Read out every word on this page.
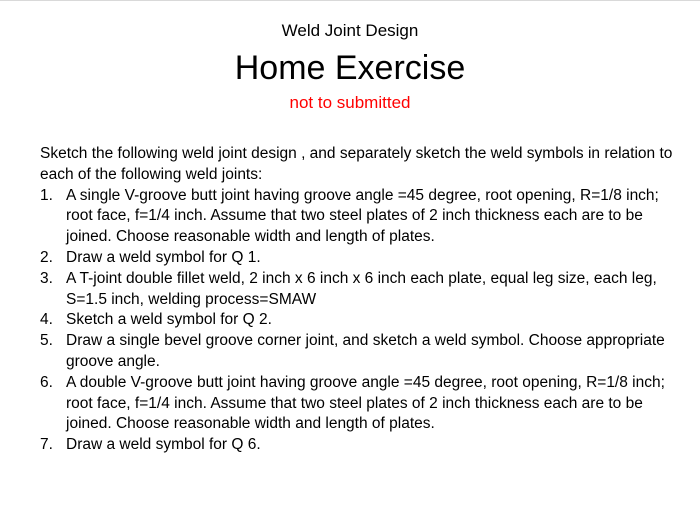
Weld Joint Design
Home Exercise
not to submitted

Sketch the following weld joint design , and separately sketch the weld symbols in relation to each of the following weld joints:

1. A single V-groove butt joint having groove angle =45 degree, root opening, R=1/8 inch; root face, f=1/4 inch. Assume that two steel plates of 2 inch thickness each are to be joined. Choose reasonable width and length of plates.
2. Draw a weld symbol for Q 1.
3. A T-joint double fillet weld, 2 inch x 6 inch x 6 inch each plate, equal leg size, each leg, S=1.5 inch, welding process=SMAW
4. Sketch a weld symbol for Q 2.
5. Draw a single bevel groove corner joint, and sketch a weld symbol. Choose appropriate groove angle.
6. A double V-groove butt joint having groove angle =45 degree, root opening, R=1/8 inch; root face, f=1/4 inch. Assume that two steel plates of 2 inch thickness each are to be joined. Choose reasonable width and length of plates.
7. Draw a weld symbol for Q 6.
